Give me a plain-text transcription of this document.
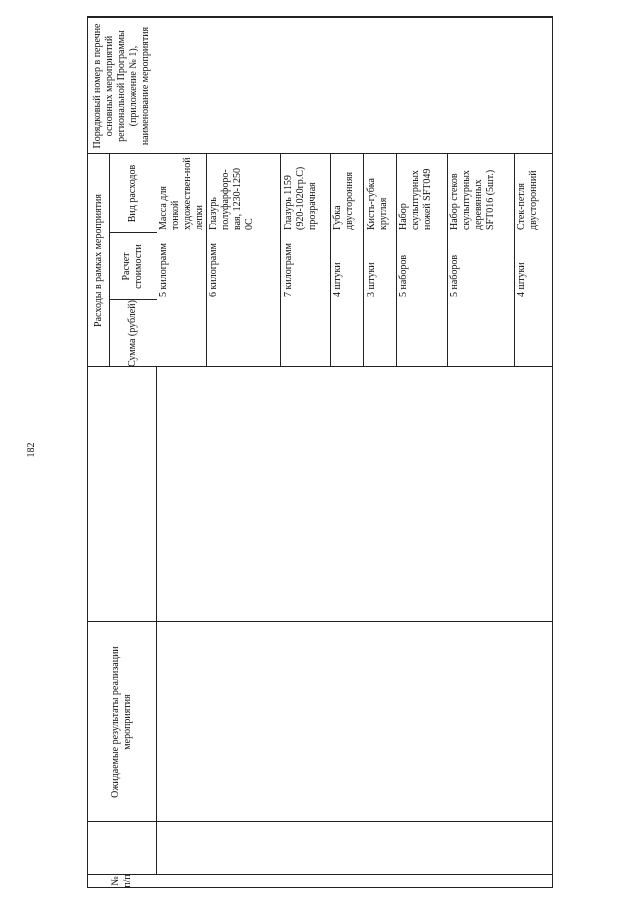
182
№ п/п
Порядковый номер в перечне основных мероприятий региональной Программы (приложение № 1), наименование мероприятия
Расходы в рамках мероприятия
Вид расходов
Расчет стоимости
Сумма (рублей)
Ожидаемые результаты реализации мероприятия
Масса для тонкой художествен-ной лепки
5 килограмм
Глазурь полуфарфоро-вая, 1230-1250 0С
6 килограмм
Глазурь 1159 (920-1020гр.С) прозрачная
7 килограмм
Губка двусторонняя
4 штуки
Кисть-губка круглая
3 штуки
Набор скульптурных ножей SFT049
5 наборов
Набор стеков скульптурных деревянных SFT016 (5шт.)
5 наборов
Стек-петля двусторонний
4 штуки
